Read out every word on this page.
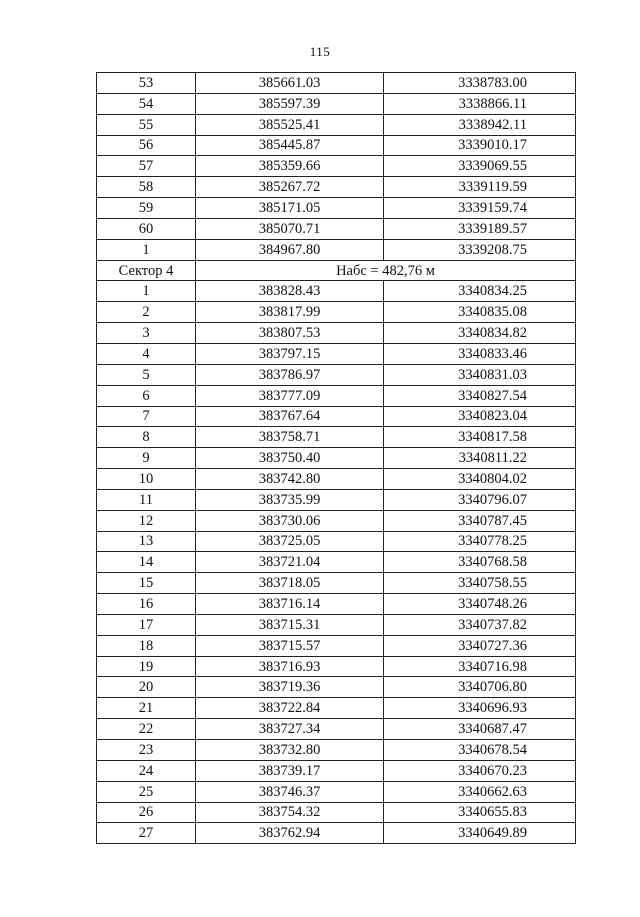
115
53	385661.03	3338783.00
54	385597.39	3338866.11
55	385525.41	3338942.11
56	385445.87	3339010.17
57	385359.66	3339069.55
58	385267.72	3339119.59
59	385171.05	3339159.74
60	385070.71	3339189.57
1	384967.80	3339208.75
Сектор 4	Набс = 482,76 м	
1	383828.43	3340834.25
2	383817.99	3340835.08
3	383807.53	3340834.82
4	383797.15	3340833.46
5	383786.97	3340831.03
6	383777.09	3340827.54
7	383767.64	3340823.04
8	383758.71	3340817.58
9	383750.40	3340811.22
10	383742.80	3340804.02
11	383735.99	3340796.07
12	383730.06	3340787.45
13	383725.05	3340778.25
14	383721.04	3340768.58
15	383718.05	3340758.55
16	383716.14	3340748.26
17	383715.31	3340737.82
18	383715.57	3340727.36
19	383716.93	3340716.98
20	383719.36	3340706.80
21	383722.84	3340696.93
22	383727.34	3340687.47
23	383732.80	3340678.54
24	383739.17	3340670.23
25	383746.37	3340662.63
26	383754.32	3340655.83
27	383762.94	3340649.89
